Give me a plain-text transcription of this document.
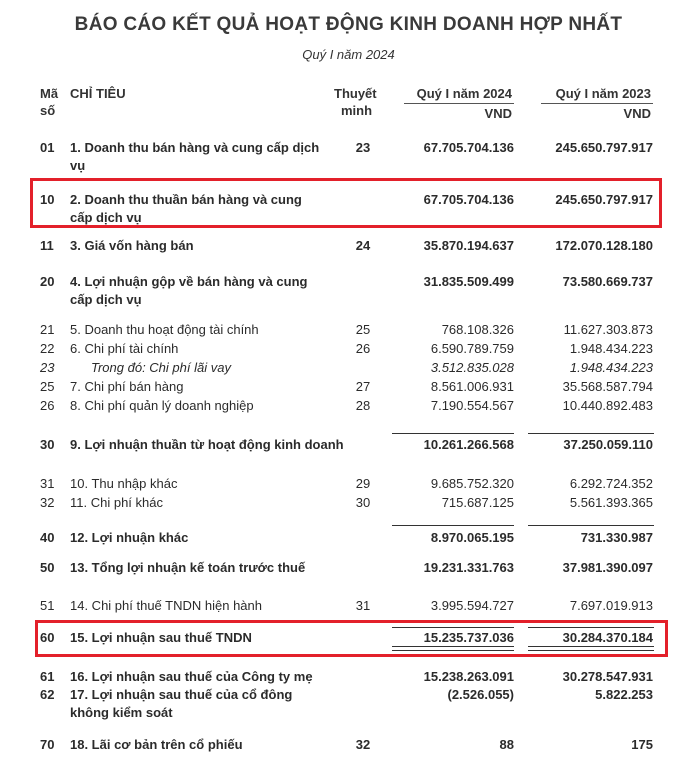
BÁO CÁO KẾT QUẢ HOẠT ĐỘNG KINH DOANH HỢP NHẤT
Quý I năm 2024
Mã
số
CHỈ TIÊU	Thuyết
minh
Quý I năm 2024
VND
Quý I năm 2023
VND
01 1. Doanh thu bán hàng và cung cấp dịch
vụ
23	67.705.704.136	245.650.797.917
10 2. Doanh thu thuần bán hàng và cung
cấp dịch vụ
67.705.704.136	245.650.797.917
11 3. Giá vốn hàng bán	24	35.870.194.637	172.070.128.180
20 4. Lợi nhuận gộp về bán hàng và cung
cấp dịch vụ
31.835.509.499	73.580.669.737
21 5. Doanh thu hoạt động tài chính	25	768.108.326	11.627.303.873
22 6. Chi phí tài chính	26	6.590.789.759	1.948.434.223
23	Trong đó: Chi phí lãi vay	3.512.835.028	1.948.434.223
25 7. Chi phí bán hàng	27	8.561.006.931	35.568.587.794
26 8. Chi phí quản lý doanh nghiệp	28	7.190.554.567	10.440.892.483
30 9. Lợi nhuận thuần từ hoạt động kinh doanh	10.261.266.568	37.250.059.110
31 10. Thu nhập khác	29	9.685.752.320	6.292.724.352
32 11. Chi phí khác	30	715.687.125	5.561.393.365
40 12. Lợi nhuận khác	8.970.065.195	731.330.987
50 13. Tổng lợi nhuận kế toán trước thuế	19.231.331.763	37.981.390.097
51 14. Chi phí thuế TNDN hiện hành	31	3.995.594.727	7.697.019.913
60 15. Lợi nhuận sau thuế TNDN	15.235.737.036	30.284.370.184
61 16. Lợi nhuận sau thuế của Công ty mẹ	15.238.263.091	30.278.547.931
62 17. Lợi nhuận sau thuế của cổ đông
không kiểm soát
(2.526.055)	5.822.253
70 18. Lãi cơ bản trên cổ phiếu	32	88	175
